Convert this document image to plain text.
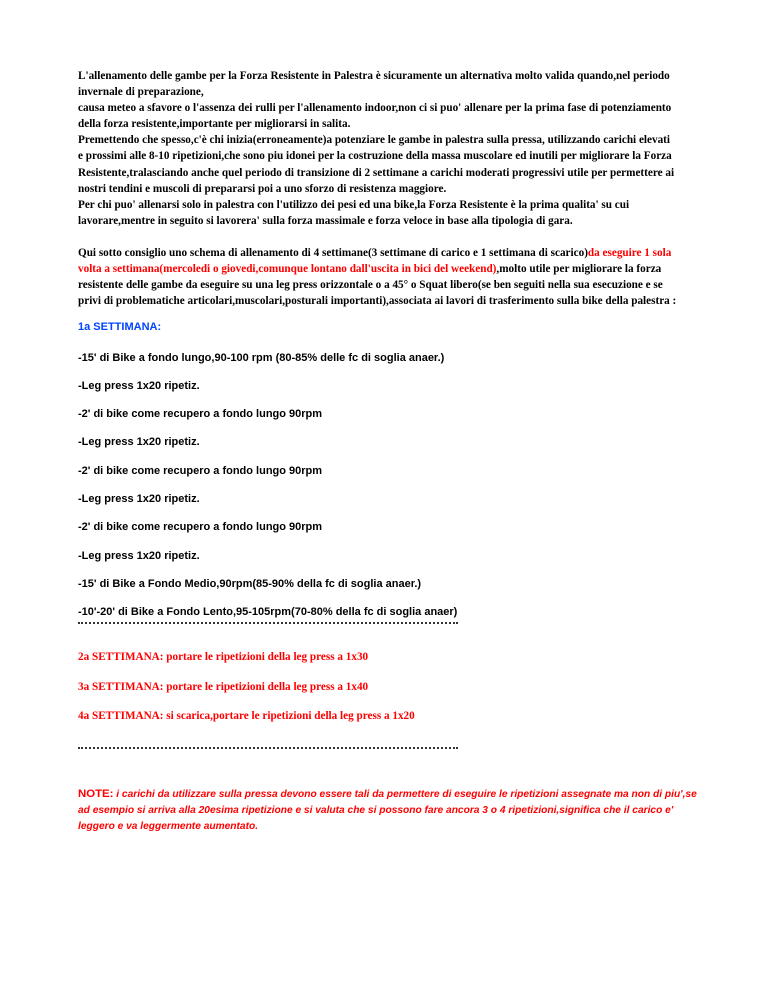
L'allenamento delle gambe per la Forza Resistente in Palestra è sicuramente un alternativa molto valida quando,nel periodo

invernale di preparazione,

causa meteo a sfavore o l'assenza dei rulli per l'allenamento indoor,non ci si puo' allenare per la prima fase di potenziamento

della forza resistente,importante per migliorarsi in salita.

Premettendo che spesso,c'è chi inizia(erroneamente)a potenziare le gambe in palestra sulla pressa, utilizzando carichi elevati

e prossimi alle 8-10 ripetizioni,che sono piu idonei per la costruzione della massa muscolare ed inutili per migliorare la Forza

Resistente,tralasciando anche quel periodo di transizione di 2 settimane a carichi moderati progressivi utile per permettere ai

nostri tendini e muscoli di prepararsi poi a uno sforzo di resistenza maggiore.

Per chi puo' allenarsi solo in palestra con l'utilizzo dei pesi ed una bike,la Forza Resistente è la prima qualita' su cui

lavorare,mentre in seguito si lavorera' sulla forza massimale e forza veloce in base alla tipologia di gara.

Qui sotto consiglio uno schema di allenamento di 4 settimane(3 settimane di carico e 1 settimana di scarico)da eseguire 1 sola

volta a settimana(mercoledi o giovedi,comunque lontano dall'uscita in bici del weekend),molto utile per migliorare la forza

resistente delle gambe da eseguire su una leg press orizzontale o a 45° o Squat libero(se ben seguiti nella sua esecuzione e se

privi di problematiche articolari,muscolari,posturali importanti),associata ai lavori di trasferimento sulla bike della palestra :

1a SETTIMANA:
-15' di Bike a fondo lungo,90-100 rpm (80-85% delle fc di soglia anaer.)
-Leg press 1x20 ripetiz.
-2' di bike come recupero a fondo lungo 90rpm
-Leg press 1x20 ripetiz.
-2' di bike come recupero a fondo lungo 90rpm
-Leg press 1x20 ripetiz.
-2' di bike come recupero a fondo lungo 90rpm
-Leg press 1x20 ripetiz.
-15' di Bike a Fondo Medio,90rpm(85-90% della fc di soglia anaer.)
-10'-20' di Bike a Fondo Lento,95-105rpm(70-80% della fc di soglia anaer)
2a SETTIMANA: portare le ripetizioni della leg press a 1x30
3a SETTIMANA: portare le ripetizioni della leg press a 1x40
4a SETTIMANA: si scarica,portare le ripetizioni della leg press a 1x20
NOTE: i carichi da utilizzare sulla pressa devono essere tali da permettere di eseguire le ripetizioni assegnate ma non di piu',se ad esempio si arriva alla 20esima ripetizione e si valuta che si possono fare ancora 3 o 4 ripetizioni,significa che il carico e' leggero e va leggermente aumentato.
